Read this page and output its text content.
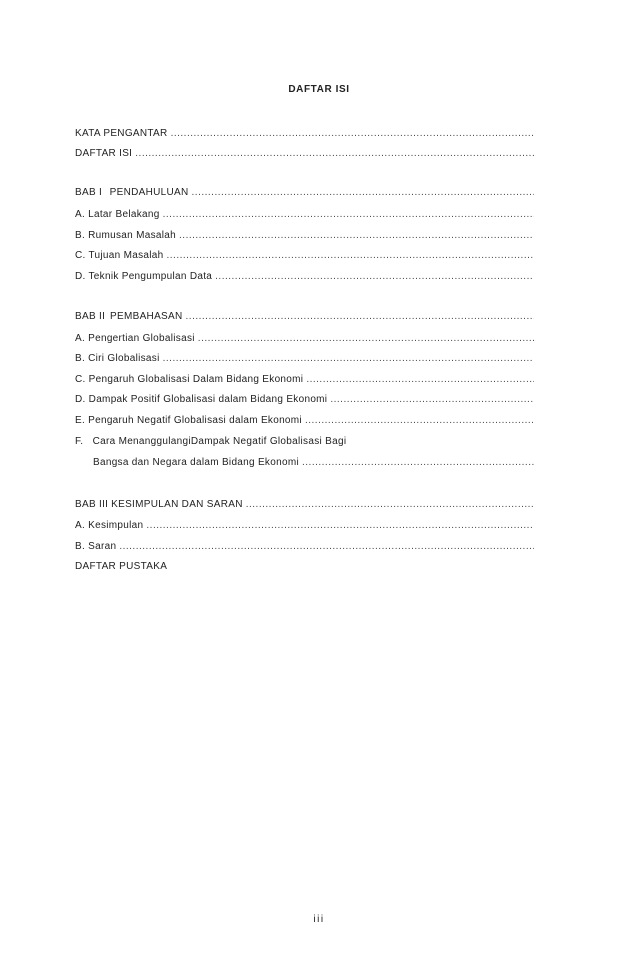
DAFTAR ISI
KATA PENGANTAR
.....
DAFTAR ISI
.....
BAB I PENDAHULUAN
.....
A. Latar Belakang
.....
B. Rumusan Masalah
.....
C. Tujuan Masalah
.....
D. Teknik Pengumpulan Data
.....
BAB II PEMBAHASAN
.....
A. Pengertian Globalisasi
.....
B. Ciri Globalisasi
.....
C. Pengaruh Globalisasi Dalam Bidang Ekonomi
.....
D. Dampak Positif Globalisasi dalam Bidang Ekonomi
.....
E. Pengaruh Negatif Globalisasi dalam Ekonomi
.....
F.   Cara MenanggulangiDampak Negatif Globalisasi Bagi
Bangsa dan Negara dalam Bidang Ekonomi
.....
BAB III KESIMPULAN DAN SARAN
.....
A. Kesimpulan
.....
B. Saran
.....
DAFTAR PUSTAKA
iii
